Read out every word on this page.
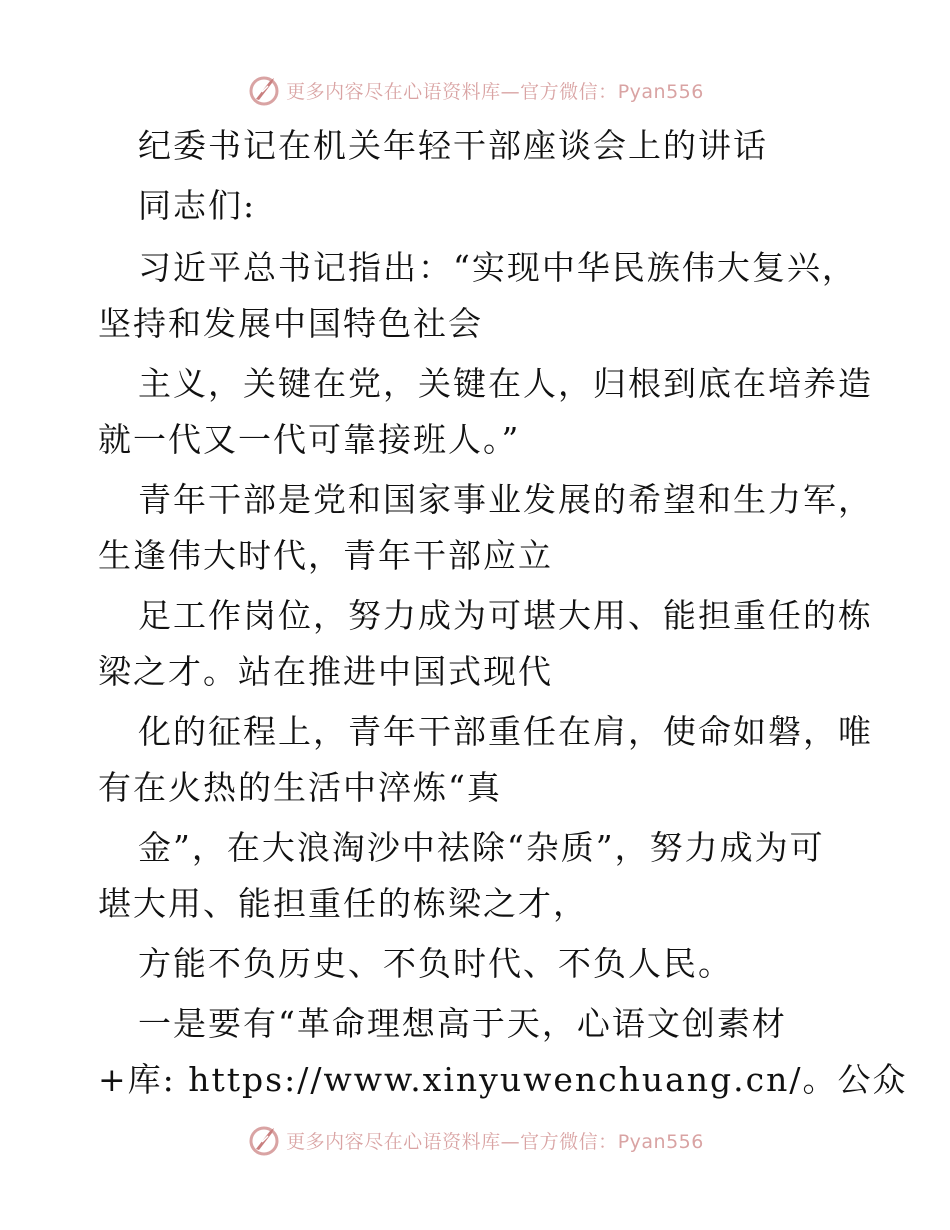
更多内容尽在心语资料库—官方微信：Pyan556
纪委书记在机关年轻干部座谈会上的讲话
同志们:
习近平总书记指出：“实现中华民族伟大复兴，
坚持和发展中国特色社会
主义，关键在党，关键在人，归根到底在培养造
就一代又一代可靠接班人。”
青年干部是党和国家事业发展的希望和生力军，
生逢伟大时代，青年干部应立
足工作岗位，努力成为可堪大用、能担重任的栋
梁之才。站在推进中国式现代
化的征程上，青年干部重任在肩，使命如磐，唯
有在火热的生活中淬炼“真
金”，在大浪淘沙中祛除“杂质”，努力成为可
堪大用、能担重任的栋梁之才，
方能不负历史、不负时代、不负人民。
一是要有“革命理想高于天，心语文创素材
+库: https://www.xinyuwenchuang.cn/。公众
更多内容尽在心语资料库—官方微信：Pyan556
